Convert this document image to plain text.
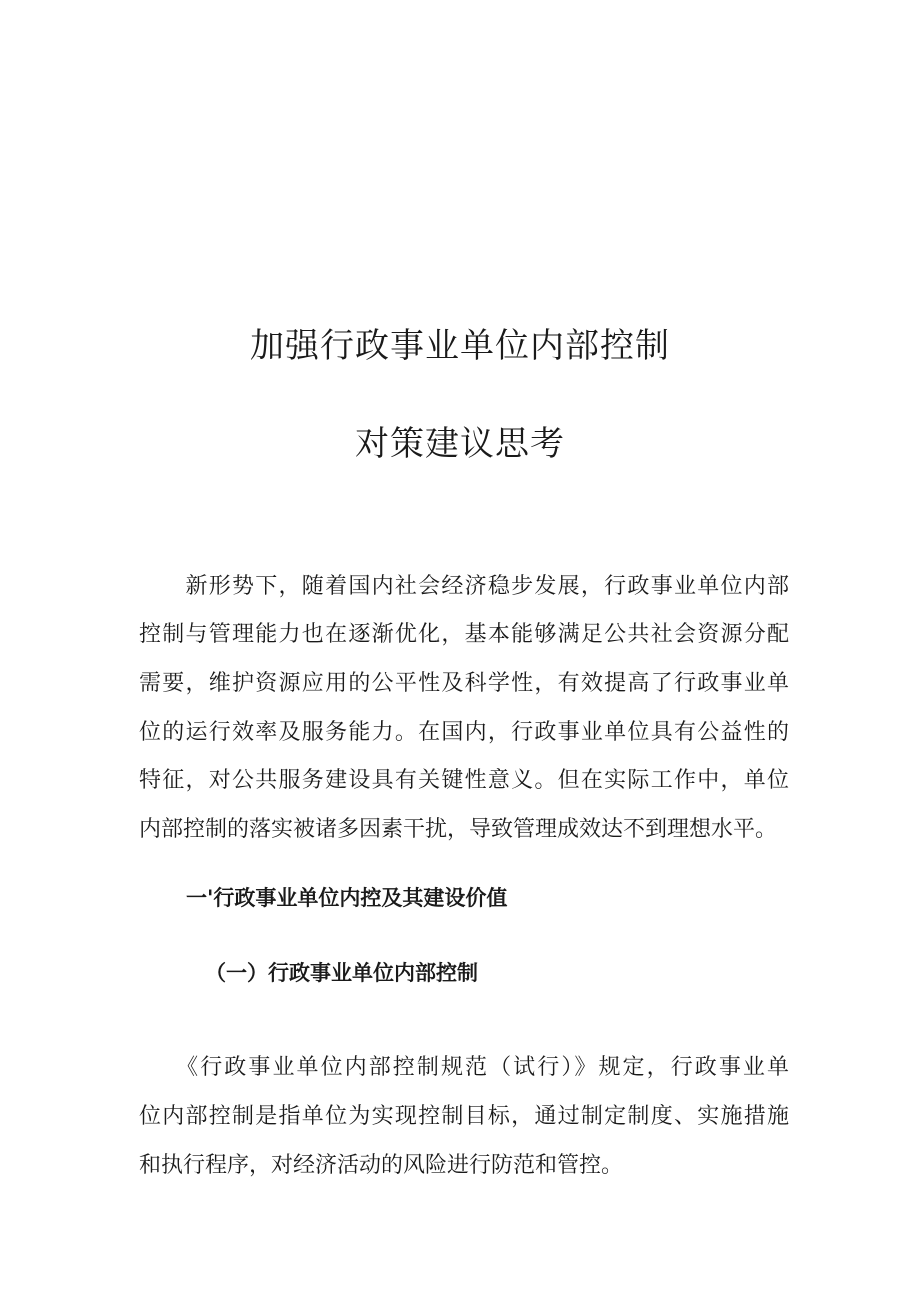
加强行政事业单位内部控制
对策建议思考
　　新形势下，随着国内社会经济稳步发展，行政事业单位内部
控制与管理能力也在逐渐优化，基本能够满足公共社会资源分配
需要，维护资源应用的公平性及科学性，有效提高了行政事业单
位的运行效率及服务能力。在国内，行政事业单位具有公益性的
特征，对公共服务建设具有关键性意义。但在实际工作中，单位
内部控制的落实被诸多因素干扰，导致管理成效达不到理想水平。
一'行政事业单位内控及其建设价值
（一）行政事业单位内部控制
　　《行政事业单位内部控制规范（试行）》规定，行政事业单
位内部控制是指单位为实现控制目标，通过制定制度、实施措施
和执行程序，对经济活动的风险进行防范和管控。
